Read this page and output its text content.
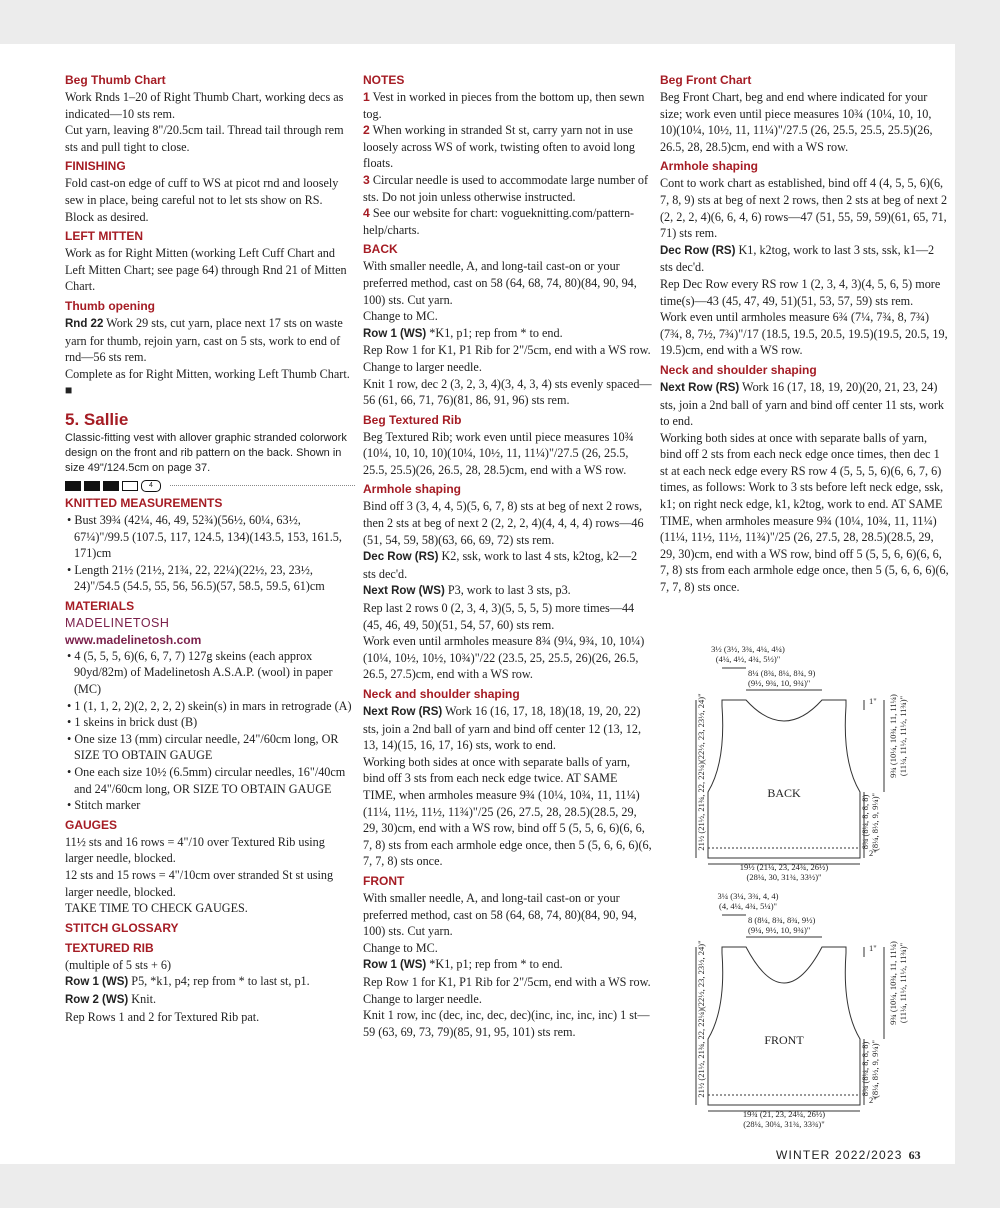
Beg Thumb Chart

Work Rnds 1–20 of Right Thumb Chart, working decs as indicated—10 sts rem.

Cut yarn, leaving 8"/20.5cm tail. Thread tail through rem sts and pull tight to close.

FINISHING

Fold cast-on edge of cuff to WS at picot rnd and loosely sew in place, being careful not to let sts show on RS.

Block as desired.

LEFT MITTEN

Work as for Right Mitten (working Left Cuff Chart and Left Mitten Chart; see page 64) through Rnd 21 of Mitten Chart.

Thumb opening

Rnd 22 Work 29 sts, cut yarn, place next 17 sts on waste yarn for thumb, rejoin yarn, cast on 5 sts, work to end of rnd—56 sts rem.

Complete as for Right Mitten, working Left Thumb Chart. ■

5. Sallie

Classic-fitting vest with allover graphic stranded colorwork design on the front and rib pattern on the back. Shown in size 49"/124.5cm on page 37.

4
KNITTED MEASUREMENTS

• Bust 39¾ (42¼, 46, 49, 52¾)(56½, 60¼, 63½, 67¼)"/99.5 (107.5, 117, 124.5, 134)(143.5, 153, 161.5, 171)cm

• Length 21½ (21½, 21¾, 22, 22¼)(22½, 23, 23½, 24)"/54.5 (54.5, 55, 56, 56.5)(57, 58.5, 59.5, 61)cm

MATERIALS
MADELINETOSH
www.madelinetosh.com

• 4 (5, 5, 5, 6)(6, 6, 7, 7) 127g skeins (each approx 90yd/82m) of Madelinetosh A.S.A.P. (wool) in paper (MC)

• 1 (1, 1, 2, 2)(2, 2, 2, 2) skein(s) in mars in retrograde (A)

• 1 skeins in brick dust (B)

• One size 13 (mm) circular needle, 24"/60cm long, OR SIZE TO OBTAIN GAUGE

• One each size 10½ (6.5mm) circular needles, 16"/40cm and 24"/60cm long, OR SIZE TO OBTAIN GAUGE

• Stitch marker

GAUGES

11½ sts and 16 rows = 4"/10 over Textured Rib using larger needle, blocked.

12 sts and 15 rows = 4"/10cm over stranded St st using larger needle, blocked.

TAKE TIME TO CHECK GAUGES.

STITCH GLOSSARY
TEXTURED RIB

(multiple of 5 sts + 6)

Row 1 (WS) P5, *k1, p4; rep from * to last st, p1.

Row 2 (WS) Knit.

Rep Rows 1 and 2 for Textured Rib pat.

NOTES

1 Vest in worked in pieces from the bottom up, then sewn tog.

2 When working in stranded St st, carry yarn not in use loosely across WS of work, twisting often to avoid long floats.

3 Circular needle is used to accommodate large number of sts. Do not join unless otherwise instructed.

4 See our website for chart: vogueknitting.com/pattern-help/charts.

BACK

With smaller needle, A, and long-tail cast-on or your preferred method, cast on 58 (64, 68, 74, 80)(84, 90, 94, 100) sts. Cut yarn.

Change to MC.

Row 1 (WS) *K1, p1; rep from * to end.

Rep Row 1 for K1, P1 Rib for 2"/5cm, end with a WS row.

Change to larger needle.

Knit 1 row, dec 2 (3, 2, 3, 4)(3, 4, 3, 4) sts evenly spaced—56 (61, 66, 71, 76)(81, 86, 91, 96) sts rem.

Beg Textured Rib

Beg Textured Rib; work even until piece measures 10¾ (10¼, 10, 10, 10)(10¼, 10½, 11, 11¼)"/27.5 (26, 25.5, 25.5, 25.5)(26, 26.5, 28, 28.5)cm, end with a WS row.

Armhole shaping

Bind off 3 (3, 4, 4, 5)(5, 6, 7, 8) sts at beg of next 2 rows, then 2 sts at beg of next 2 (2, 2, 2, 4)(4, 4, 4, 4) rows—46 (51, 54, 59, 58)(63, 66, 69, 72) sts rem.

Dec Row (RS) K2, ssk, work to last 4 sts, k2tog, k2—2 sts dec'd.

Next Row (WS) P3, work to last 3 sts, p3.

Rep last 2 rows 0 (2, 3, 4, 3)(5, 5, 5, 5) more times—44 (45, 46, 49, 50)(51, 54, 57, 60) sts rem.

Work even until armholes measure 8¾ (9¼, 9¾, 10, 10¼)(10¼, 10½, 10½, 10¾)"/22 (23.5, 25, 25.5, 26)(26, 26.5, 26.5, 27.5)cm, end with a WS row.

Neck and shoulder shaping

Next Row (RS) Work 16 (16, 17, 18, 18)(18, 19, 20, 22) sts, join a 2nd ball of yarn and bind off center 12 (13, 12, 13, 14)(15, 16, 17, 16) sts, work to end.

Working both sides at once with separate balls of yarn, bind off 3 sts from each neck edge twice. AT SAME TIME, when armholes measure 9¾ (10¼, 10¾, 11, 11¼)(11¼, 11½, 11½, 11¾)"/25 (26, 27.5, 28, 28.5)(28.5, 29, 29, 30)cm, end with a WS row, bind off 5 (5, 5, 6, 6)(6, 6, 7, 8) sts from each armhole edge once, then 5 (5, 6, 6, 6)(6, 7, 7, 8) sts once.

FRONT

With smaller needle, A, and long-tail cast-on or your preferred method, cast on 58 (64, 68, 74, 80)(84, 90, 94, 100) sts. Cut yarn.

Change to MC.

Row 1 (WS) *K1, p1; rep from * to end.

Rep Row 1 for K1, P1 Rib for 2"/5cm, end with a WS row.

Change to larger needle.

Knit 1 row, inc (dec, inc, dec, dec)(inc, inc, inc, inc) 1 st—59 (63, 69, 73, 79)(85, 91, 95, 101) sts rem.

Beg Front Chart

Beg Front Chart, beg and end where indicated for your size; work even until piece measures 10¾ (10¼, 10, 10, 10)(10¼, 10½, 11, 11¼)"/27.5 (26, 25.5, 25.5, 25.5)(26, 26.5, 28, 28.5)cm, end with a WS row.

Armhole shaping

Cont to work chart as established, bind off 4 (4, 5, 5, 6)(6, 7, 8, 9) sts at beg of next 2 rows, then 2 sts at beg of next 2 (2, 2, 2, 4)(6, 6, 4, 6) rows—47 (51, 55, 59, 59)(61, 65, 71, 71) sts rem.

Dec Row (RS) K1, k2tog, work to last 3 sts, ssk, k1—2 sts dec'd.

Rep Dec Row every RS row 1 (2, 3, 4, 3)(4, 5, 6, 5) more time(s)—43 (45, 47, 49, 51)(51, 53, 57, 59) sts rem.

Work even until armholes measure 6¾ (7¼, 7¾, 8, 7¾)(7¾, 8, 7½, 7¾)"/17 (18.5, 19.5, 20.5, 19.5)(19.5, 20.5, 19, 19.5)cm, end with a WS row.

Neck and shoulder shaping

Next Row (RS) Work 16 (17, 18, 19, 20)(20, 21, 23, 24) sts, join a 2nd ball of yarn and bind off center 11 sts, work to end.

Working both sides at once with separate balls of yarn, bind off 2 sts from each neck edge once times, then dec 1 st at each neck edge every RS row 4 (5, 5, 5, 6)(6, 6, 7, 6) times, as follows: Work to 3 sts before left neck edge, ssk, k1; on right neck edge, k1, k2tog, work to end. AT SAME TIME, when armholes measure 9¾ (10¼, 10¾, 11, 11¼)(11¼, 11½, 11½, 11¾)"/25 (26, 27.5, 28, 28.5)(28.5, 29, 29, 30)cm, end with a WS row, bind off 5 (5, 5, 6, 6)(6, 6, 7, 8) sts from each armhole edge once, then 5 (5, 6, 6, 6)(6, 7, 7, 8) sts once.

3½ (3½, 3¾, 4¼, 4¼)
(4¼, 4½, 4¾, 5½)"
8¼ (8¾, 8¼, 8¾, 9)
(9½, 9¾, 10, 9¾)"
19½ (21¼, 23, 24¾, 26½)
(28¼, 30, 31¾, 33½)"
21½ (21½, 21¾, 22, 22¼)(22½, 23, 23½, 24)"	9¾ (10¼, 10¾, 11, 11¼) (11¼, 11½, 11½, 11¾)"
8¾ (8¼, 8, 8, 8) (8¼, 8½, 9, 9¼)"
1"
2"
BACK
3¼ (3¼, 3¾, 4, 4)
(4, 4¼, 4¾, 5¼)"
8 (8¼, 8¾, 8¾, 9½)
(9¼, 9½, 10, 9¾)"
19¾ (21, 23, 24¼, 26½)
(28¼, 30¼, 31¾, 33¾)"
21½ (21½, 21¾, 22, 22¼)(22½, 23, 23½, 24)"	9¾ (10¼, 10¾, 11, 11¼) (11¼, 11½, 11½, 11¾)"
8¾ (8¼, 8, 8, 8) (8¼, 8½, 9, 9¼)"
1"
2"
FRONT
WINTER 2022/2023 63
